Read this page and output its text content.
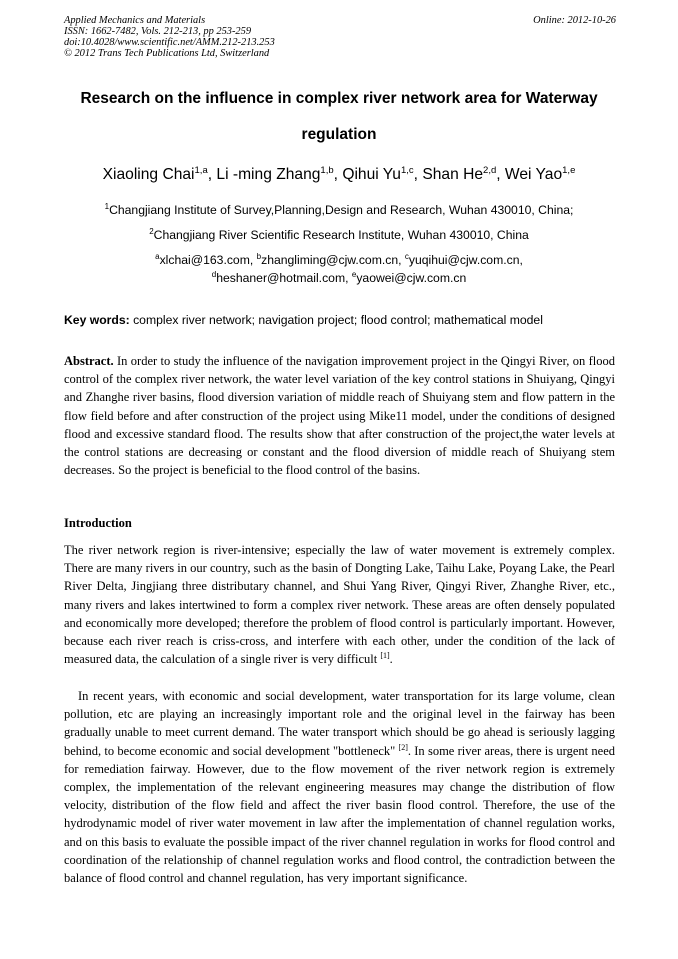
Applied Mechanics and Materials
ISSN: 1662-7482, Vols. 212-213, pp 253-259
doi:10.4028/www.scientific.net/AMM.212-213.253
© 2012 Trans Tech Publications Ltd, Switzerland
Online: 2012-10-26
Research on the influence in complex river network area for Waterway
regulation
Xiaoling Chai$^{1,a}$, Li -ming Zhang$^{1,b}$, Qihui Yu$^{1,c}$, Shan He$^{2,d}$, Wei Yao$^{1,e}$
$^1$Changjiang Institute of Survey,Planning,Design and Research, Wuhan 430010, China;
$^2$Changjiang River Scientific Research Institute, Wuhan 430010, China
$^a$xlchai@163.com, $^b$zhangliming@cjw.com.cn, $^c$yuqihui@cjw.com.cn,
$^d$heshaner@hotmail.com, $^e$yaowei@cjw.com.cn
Key words: complex river network; navigation project; flood control; mathematical model

Abstract. In order to study the influence of the navigation improvement project in the Qingyi River, on flood control of the complex river network, the water level variation of the key control stations in Shuiyang, Qingyi and Zhanghe river basins, flood diversion variation of middle reach of Shuiyang stem and flow pattern in the flow field before and after construction of the project using Mike11 model, under the conditions of designed flood and excessive standard flood. The results show that after construction of the project,the water levels at the control stations are decreasing or constant and the flood diversion of middle reach of Shuiyang stem decreases. So the project is beneficial to the flood control of the basins.

Introduction

The river network region is river-intensive; especially the law of water movement is extremely complex. There are many rivers in our country, such as the basin of Dongting Lake, Taihu Lake, Poyang Lake, the Pearl River Delta, Jingjiang three distributary channel, and Shui Yang River, Qingyi River, Zhanghe River, etc., many rivers and lakes intertwined to form a complex river network. These areas are often densely populated and economically more developed; therefore the problem of flood control is particularly important. However, because each river reach is criss-cross, and interfere with each other, under the condition of the lack of measured data, the calculation of a single river is very difficult [1].

In recent years, with economic and social development, water transportation for its large volume, clean pollution, etc are playing an increasingly important role and the original level in the fairway has been gradually unable to meet current demand. The water transport which should be go ahead is seriously lagging behind, to become economic and social development "bottleneck" [2]. In some river areas, there is urgent need for remediation fairway. However, due to the flow movement of the river network region is extremely complex, the implementation of the relevant engineering measures may change the distribution of flow velocity, distribution of the flow field and affect the river basin flood control. Therefore, the use of the hydrodynamic model of river water movement in law after the implementation of channel regulation works, and on this basis to evaluate the possible impact of the river channel regulation in works for flood control and coordination of the relationship of channel regulation works and flood control, the contradiction between the balance of flood control and channel regulation, has very important significance.
